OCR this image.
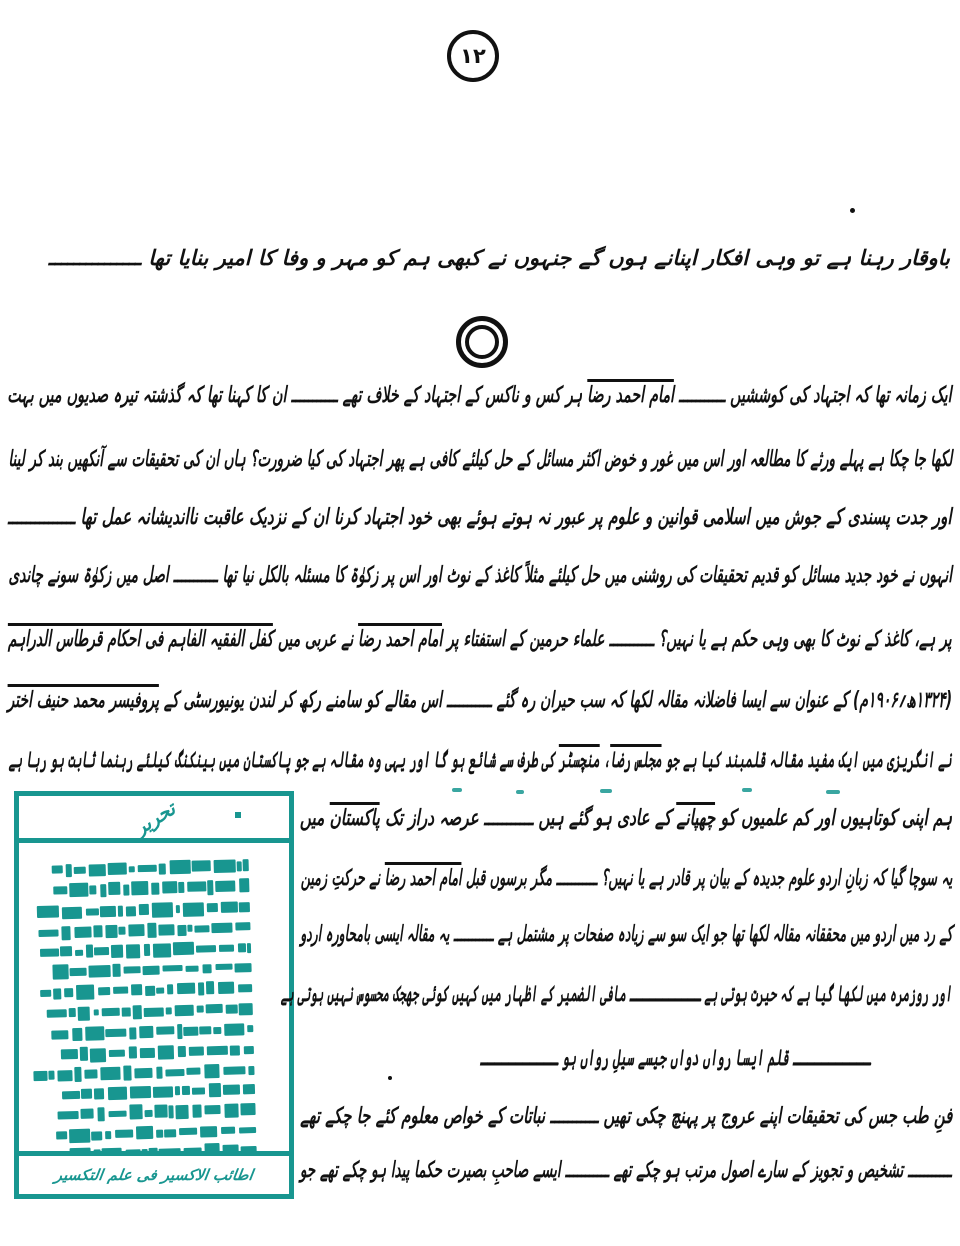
۱۲
باوقار رہنا ہے تو وہی افکار اپنانے ہوں گے جنہوں نے کبھی ہم کو مہر و وفا کا امیر بنایا تھا ـــــــــــــــ
ایک زمانہ تھا کہ اجتہاد کی کوششیں ـــــــــــ امام احمد رضا ہر کس و ناکس کے اجتہاد کے خلاف تھے ـــــــــــ ان کا کہنا تھا کہ گذشتہ تیرہ صدیوں میں بہت
لکھا جا چکا ہے پہلے ورثے کا مطالعہ اور اس میں غور و خوض اکثر مسائل کے حل کیلئے کافی ہے پھر اجتہاد کی کیا ضرورت؟ ہاں ان کی تحقیقات سے آنکھیں بند کر لینا
اور جدت پسندی کے جوش میں اسلامی قوانین و علوم پر عبور نہ ہوتے ہوئے بھی خود اجتہاد کرنا ان کے نزدیک عاقبت نااندیشانہ عمل تھا ـــــــــــــــ
انہوں نے خود جدید مسائل کو قدیم تحقیقات کی روشنی میں حل کیلئے مثلاً کاغذ کے نوٹ اور اس پر زکوٰۃ کا مسئلہ بالکل نیا تھا ـــــــــــ اصل میں زکوٰۃ سونے چاندی
پر ہے، کاغذ کے نوٹ کا بھی وہی حکم ہے یا نہیں؟ ـــــــــــ علماء حرمین کے استفتاء پر امام احمد رضا نے عربی میں کفل الفقیہ الفاہم فی احکام قرطاس الدراہم
(۱۳۲۴ھ؍۱۹۰۶م) کے عنوان سے ایسا فاضلانہ مقالہ لکھا کہ سب حیران رہ گئے ـــــــــــ اس مقالے کو سامنے رکھ کر لندن یونیورسٹی کے پروفیسر محمد حنیف اختر
نے انگریزی میں ایک مفید مقالہ قلمبند کیا ہے جو مجلس رضا، منچسٹر کی طرف سے شائع ہو گا اور یہی وہ مقالہ ہے جو پاکستان میں بینکنگ کیلئے رہنما ثابت ہو رہا ہے
تحریر
اطائب الاکسیر فی علم التکسیر
ہم اپنی کوتاہیوں اور کم علمیوں کو چھپانے کے عادی ہو گئے ہیں ـــــــــــ عرصہ دراز تک پاکستان میں
یہ سوچا گیا کہ زبانِ اردو علوم جدیدہ کے بیان پر قادر ہے یا نہیں؟ ـــــــــــ مگر برسوں قبل امام احمد رضا نے حرکتِ زمین
کے رد میں اردو میں محققانہ مقالہ لکھا تھا جو ایک سو سے زیادہ صفحات پر مشتمل ہے ـــــــــــ یہ مقالہ ایسی بامحاورہ اردو
اور روزمرہ میں لکھا گیا ہے کہ حیرت ہوتی ہے ـــــــــــ مافی الضمیر کے اظہار میں کہیں کوئی جھجک محسوس نہیں ہوتی ہے
ـــــــــــ قلم ایسا رواں دواں جیسے سیلِ رواں ہو ـــــــــــ
فنِ طب جس کی تحقیقات اپنے عروج پر پہنچ چکی تھیں ـــــــــــ نباتات کے خواص معلوم کئے جا چکے تھے
ـــــــــــ تشخیص و تجویز کے سارے اصول مرتب ہو چکے تھے ـــــــــــ ایسے صاحبِ بصیرت حکما پیدا ہو چکے تھے جو
